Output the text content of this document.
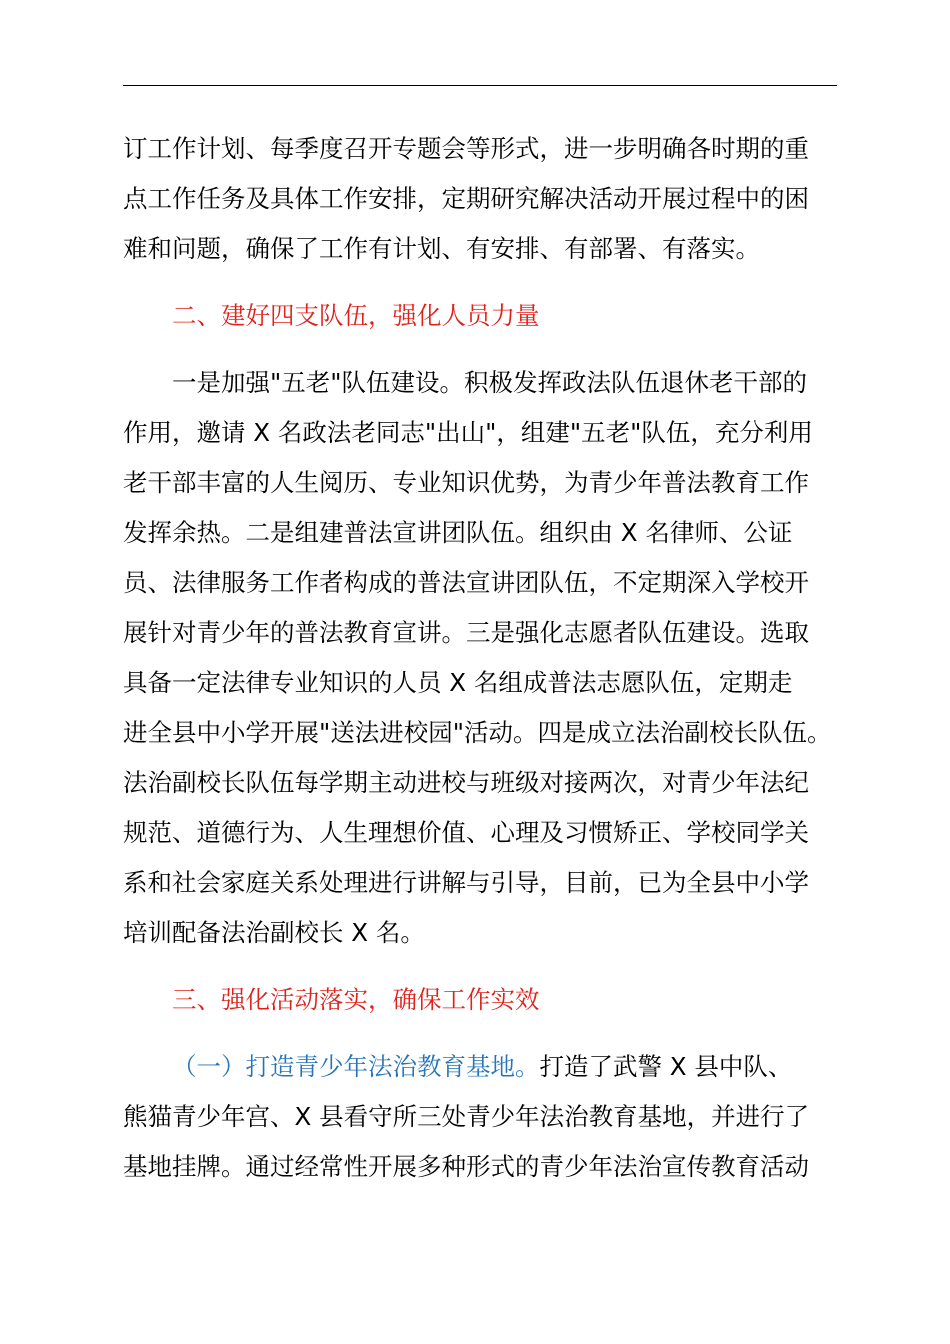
订工作计划、每季度召开专题会等形式，进一步明确各时期的重
点工作任务及具体工作安排，定期研究解决活动开展过程中的困
难和问题，确保了工作有计划、有安排、有部署、有落实。
二、建好四支队伍，强化人员力量
一是加强"五老"队伍建设。积极发挥政法队伍退休老干部的
作用，邀请 X 名政法老同志"出山"，组建"五老"队伍，充分利用
老干部丰富的人生阅历、专业知识优势，为青少年普法教育工作
发挥余热。二是组建普法宣讲团队伍。组织由 X 名律师、公证
员、法律服务工作者构成的普法宣讲团队伍，不定期深入学校开
展针对青少年的普法教育宣讲。三是强化志愿者队伍建设。选取
具备一定法律专业知识的人员 X 名组成普法志愿队伍，定期走
进全县中小学开展"送法进校园"活动。四是成立法治副校长队伍。
法治副校长队伍每学期主动进校与班级对接两次，对青少年法纪
规范、道德行为、人生理想价值、心理及习惯矫正、学校同学关
系和社会家庭关系处理进行讲解与引导，目前，已为全县中小学
培训配备法治副校长 X 名。
三、强化活动落实，确保工作实效
（一）打造青少年法治教育基地。打造了武警 X 县中队、
熊猫青少年宫、X 县看守所三处青少年法治教育基地，并进行了
基地挂牌。通过经常性开展多种形式的青少年法治宣传教育活动
